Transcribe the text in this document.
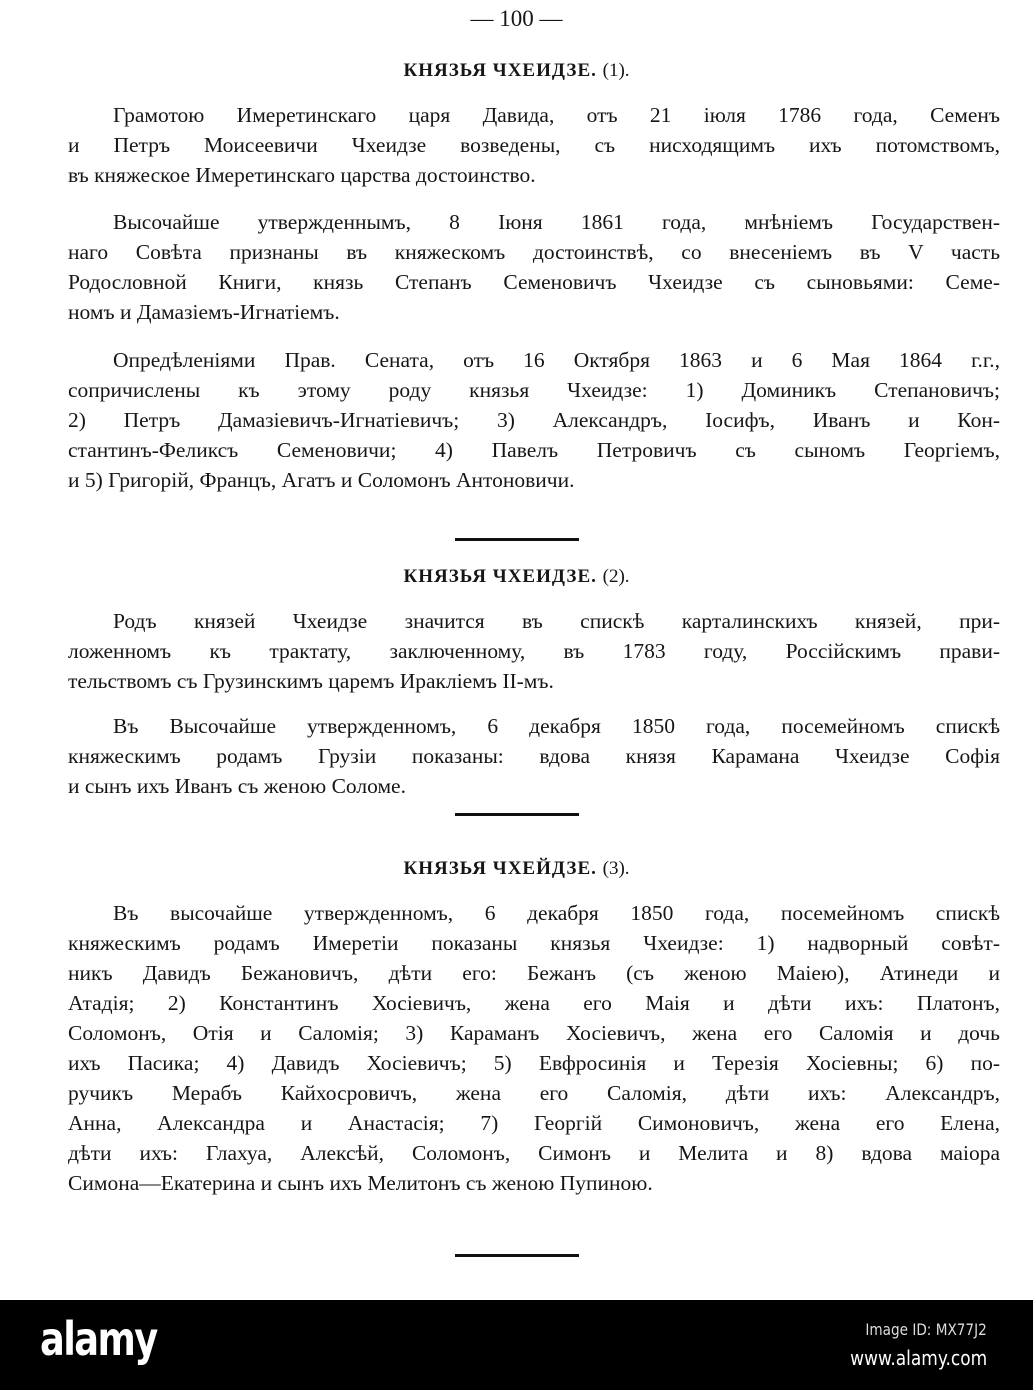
— 100 —
КНЯЗЬЯ ЧХЕИДЗЕ. (1).
Грамотою Имеретинскаго царя Давида, отъ 21 іюля 1786 года, Семенъ
и Петръ Моисеевичи Чхеидзе возведены, съ нисходящимъ ихъ потомствомъ,
въ княжеское Имеретинскаго царства достоинство.
Высочайше утвержденнымъ, 8 Іюня 1861 года, мнѣніемъ Государствен-
наго Совѣта признаны въ княжескомъ достоинствѣ, со внесеніемъ въ V часть
Родословной Книги, князь Степанъ Семеновичъ Чхеидзе съ сыновьями: Семе-
номъ и Дамазіемъ-Игнатіемъ.
Опредѣленіями Прав. Сената, отъ 16 Октября 1863 и 6 Мая 1864 г.г.,
сопричислены къ этому роду князья Чхеидзе: 1) Доминикъ Степановичъ;
2) Петръ Дамазіевичъ-Игнатіевичъ; 3) Александръ, Іосифъ, Иванъ и Кон-
стантинъ-Феликсъ Семеновичи; 4) Павелъ Петровичъ съ сыномъ Георгіемъ,
и 5) Григорій, Францъ, Агатъ и Соломонъ Антоновичи.
КНЯЗЬЯ ЧХЕИДЗЕ. (2).
Родъ князей Чхеидзе значится въ спискѣ карталинскихъ князей, при-
ложенномъ къ трактату, заключенному, въ 1783 году, Россійскимъ прави-
тельствомъ съ Грузинскимъ царемъ Иракліемъ II-мъ.
Въ Высочайше утвержденномъ, 6 декабря 1850 года, посемейномъ спискѣ
княжескимъ родамъ Грузіи показаны: вдова князя Карамана Чхеидзе Софія
и сынъ ихъ Иванъ съ женою Соломе.
КНЯЗЬЯ ЧХЕЙДЗЕ. (3).
Въ высочайше утвержденномъ, 6 декабря 1850 года, посемейномъ спискѣ
княжескимъ родамъ Имеретіи показаны князья Чхеидзе: 1) надворный совѣт-
никъ Давидъ Бежановичъ, дѣти его: Бежанъ (съ женою Маіею), Атинеди и
Атадія; 2) Константинъ Хосіевичъ, жена его Маія и дѣти ихъ: Платонъ,
Соломонъ, Отія и Саломія; 3) Караманъ Хосіевичъ, жена его Саломія и дочь
ихъ Пасика; 4) Давидъ Хосіевичъ; 5) Евфросинія и Терезія Хосіевны; 6) по-
ручикъ Мерабъ Кайхосровичъ, жена его Саломія, дѣти ихъ: Александръ,
Анна, Александра и Анастасія; 7) Георгій Симоновичъ, жена его Елена,
дѣти ихъ: Глахуа, Алексѣй, Соломонъ, Симонъ и Мелита и 8) вдова маіора
Симона—Екатерина и сынъ ихъ Мелитонъ съ женою Пупиною.
alamy	Image ID: MX77J2
www.alamy.com
